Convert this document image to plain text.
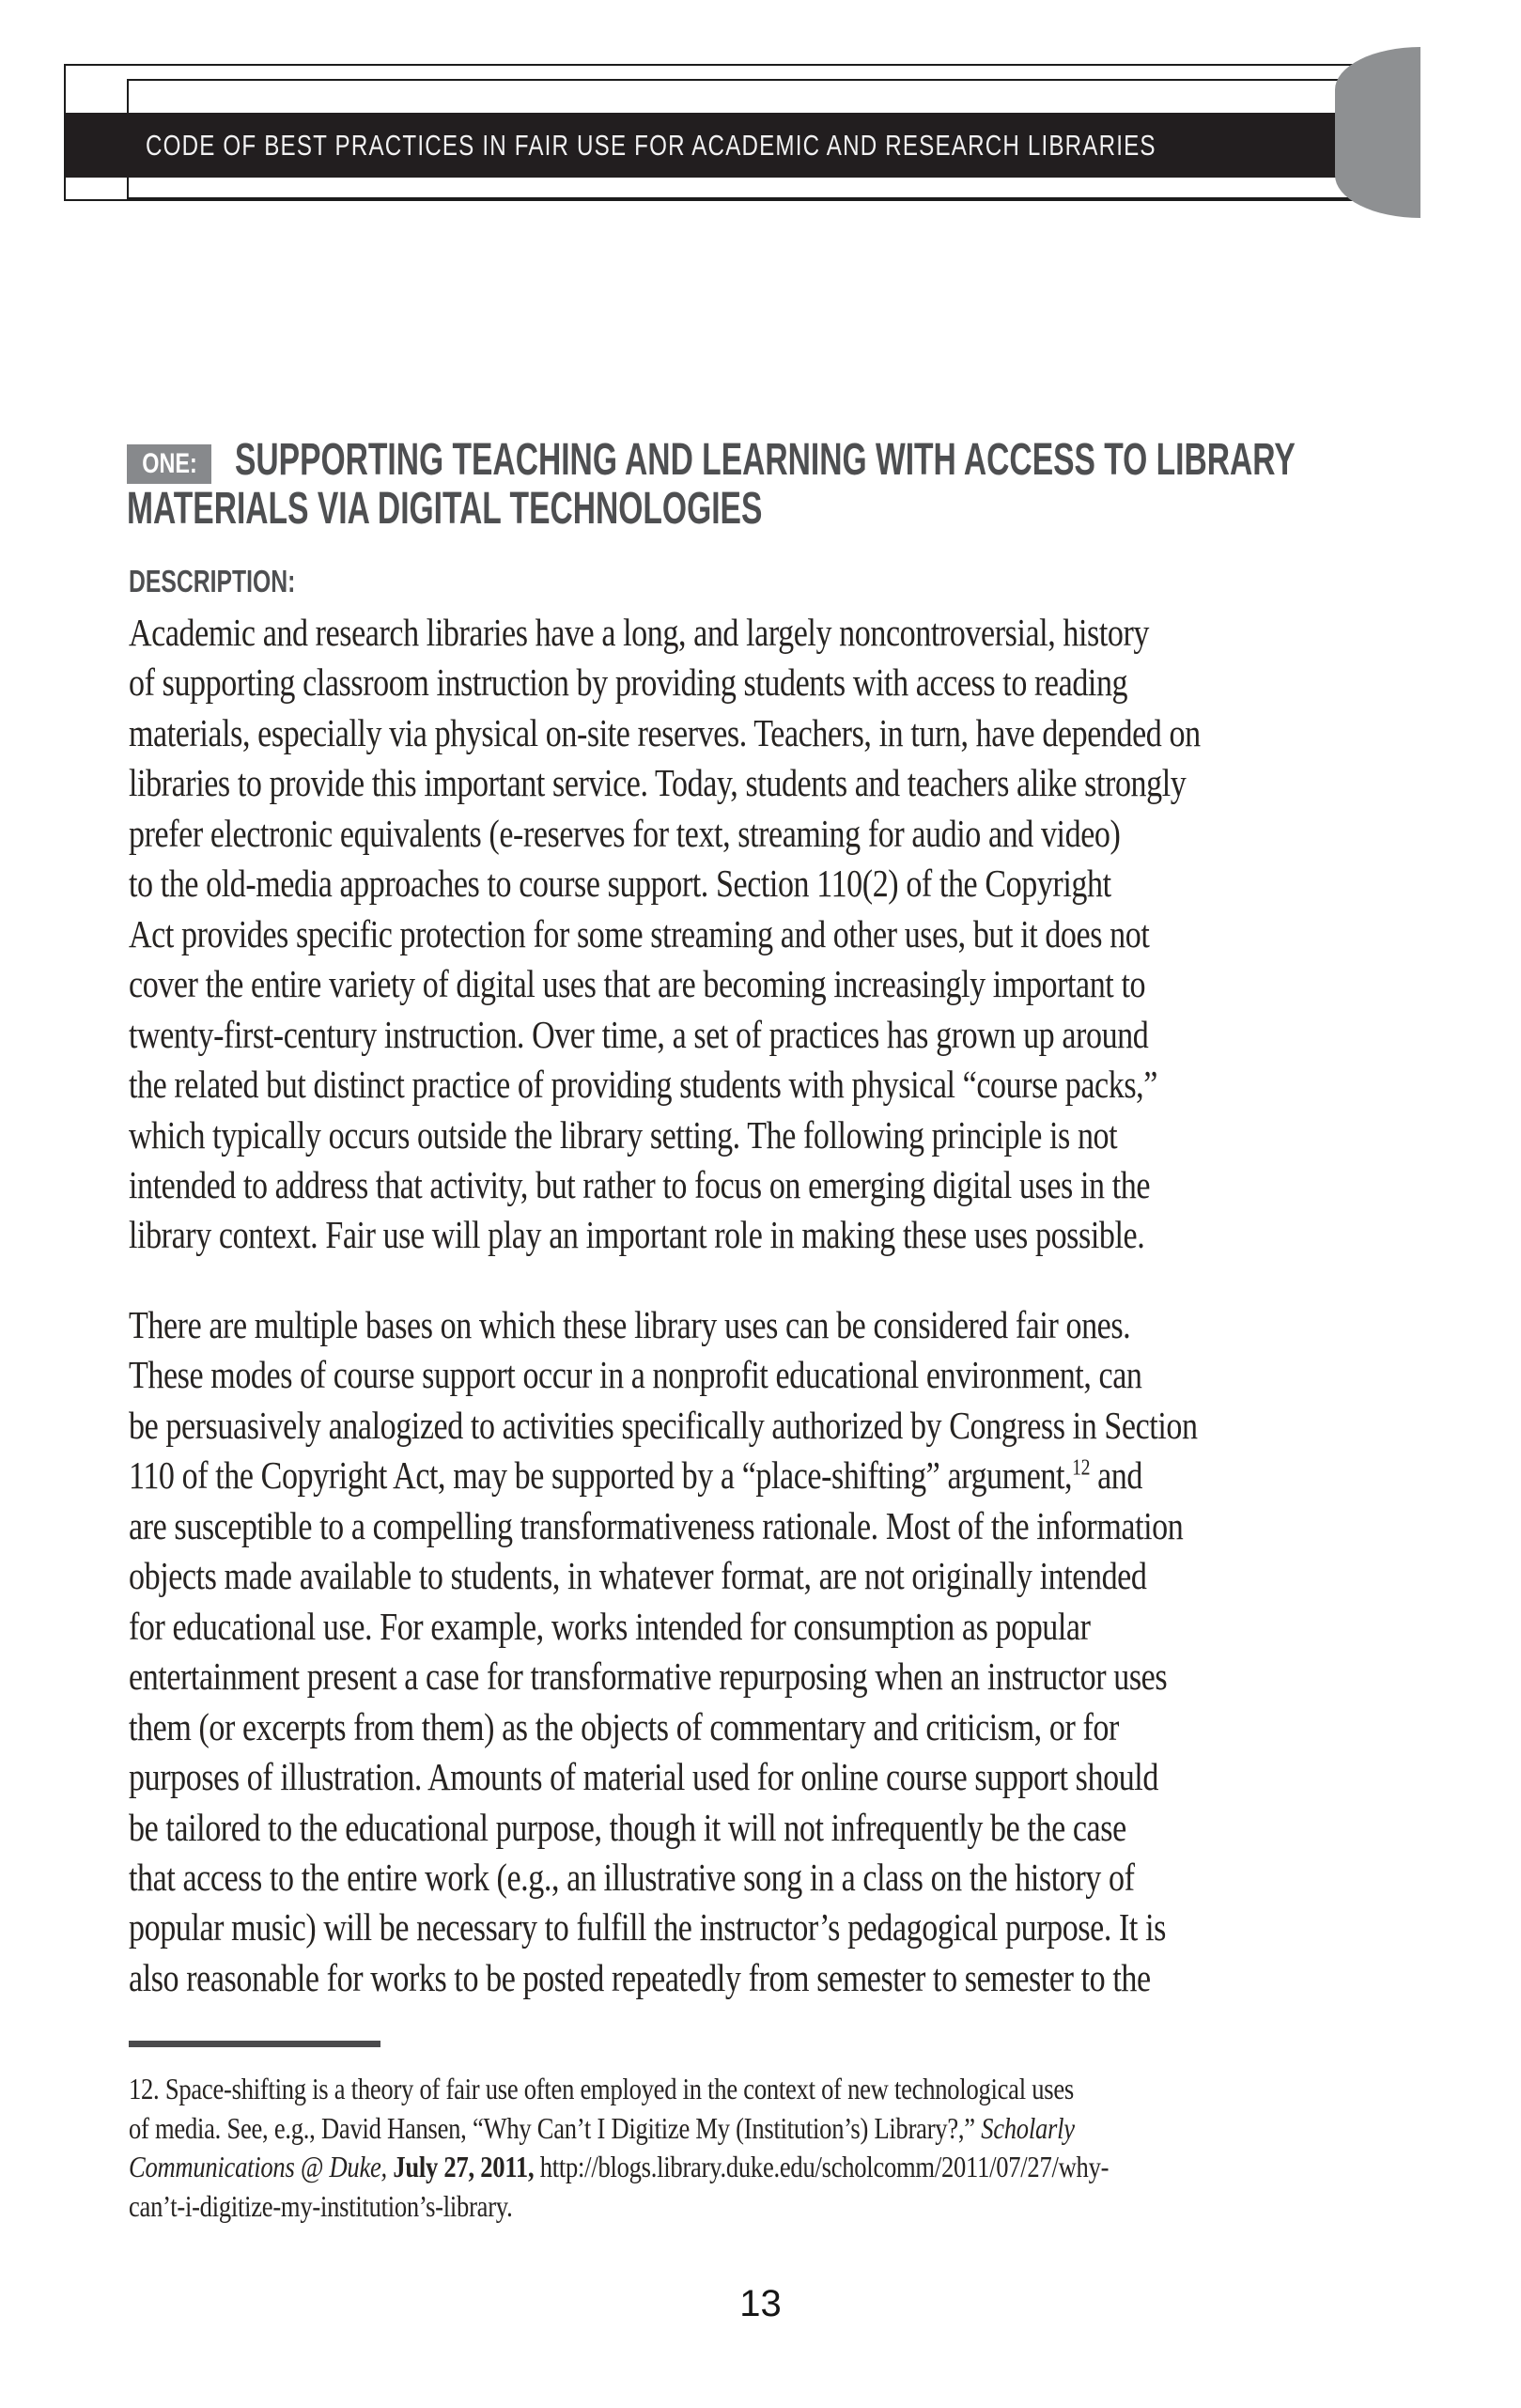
CODE OF BEST PRACTICES IN FAIR USE FOR ACADEMIC AND RESEARCH LIBRARIES
ONE: SUPPORTING TEACHING AND LEARNING WITH ACCESS TO LIBRARY
MATERIALS VIA DIGITAL TECHNOLOGIES
DESCRIPTION:
Academic and research libraries have a long, and largely noncontroversial, history
of supporting classroom instruction by providing students with access to reading
materials, especially via physical on-site reserves. Teachers, in turn, have depended on
libraries to provide this important service. Today, students and teachers alike strongly
prefer electronic equivalents (e-reserves for text, streaming for audio and video)
to the old-media approaches to course support. Section 110(2) of the Copyright
Act provides specific protection for some streaming and other uses, but it does not
cover the entire variety of digital uses that are becoming increasingly important to
twenty-first-century instruction. Over time, a set of practices has grown up around
the related but distinct practice of providing students with physical “course packs,”
which typically occurs outside the library setting. The following principle is not
intended to address that activity, but rather to focus on emerging digital uses in the
library context. Fair use will play an important role in making these uses possible.
There are multiple bases on which these library uses can be considered fair ones.
These modes of course support occur in a nonprofit educational environment, can
be persuasively analogized to activities specifically authorized by Congress in Section
110 of the Copyright Act, may be supported by a “place-shifting” argument,$^{12}$ and
are susceptible to a compelling transformativeness rationale. Most of the information
objects made available to students, in whatever format, are not originally intended
for educational use. For example, works intended for consumption as popular
entertainment present a case for transformative repurposing when an instructor uses
them (or excerpts from them) as the objects of commentary and criticism, or for
purposes of illustration. Amounts of material used for online course support should
be tailored to the educational purpose, though it will not infrequently be the case
that access to the entire work (e.g., an illustrative song in a class on the history of
popular music) will be necessary to fulfill the instructor’s pedagogical purpose. It is
also reasonable for works to be posted repeatedly from semester to semester to the
12. Space-shifting is a theory of fair use often employed in the context of new technological uses
of media. See, e.g., David Hansen, “Why Can’t I Digitize My (Institution’s) Library?,” Scholarly
Communications @ Duke, July 27, 2011, http://blogs.library.duke.edu/scholcomm/2011/07/27/why-
can’t-i-digitize-my-institution’s-library.
13
